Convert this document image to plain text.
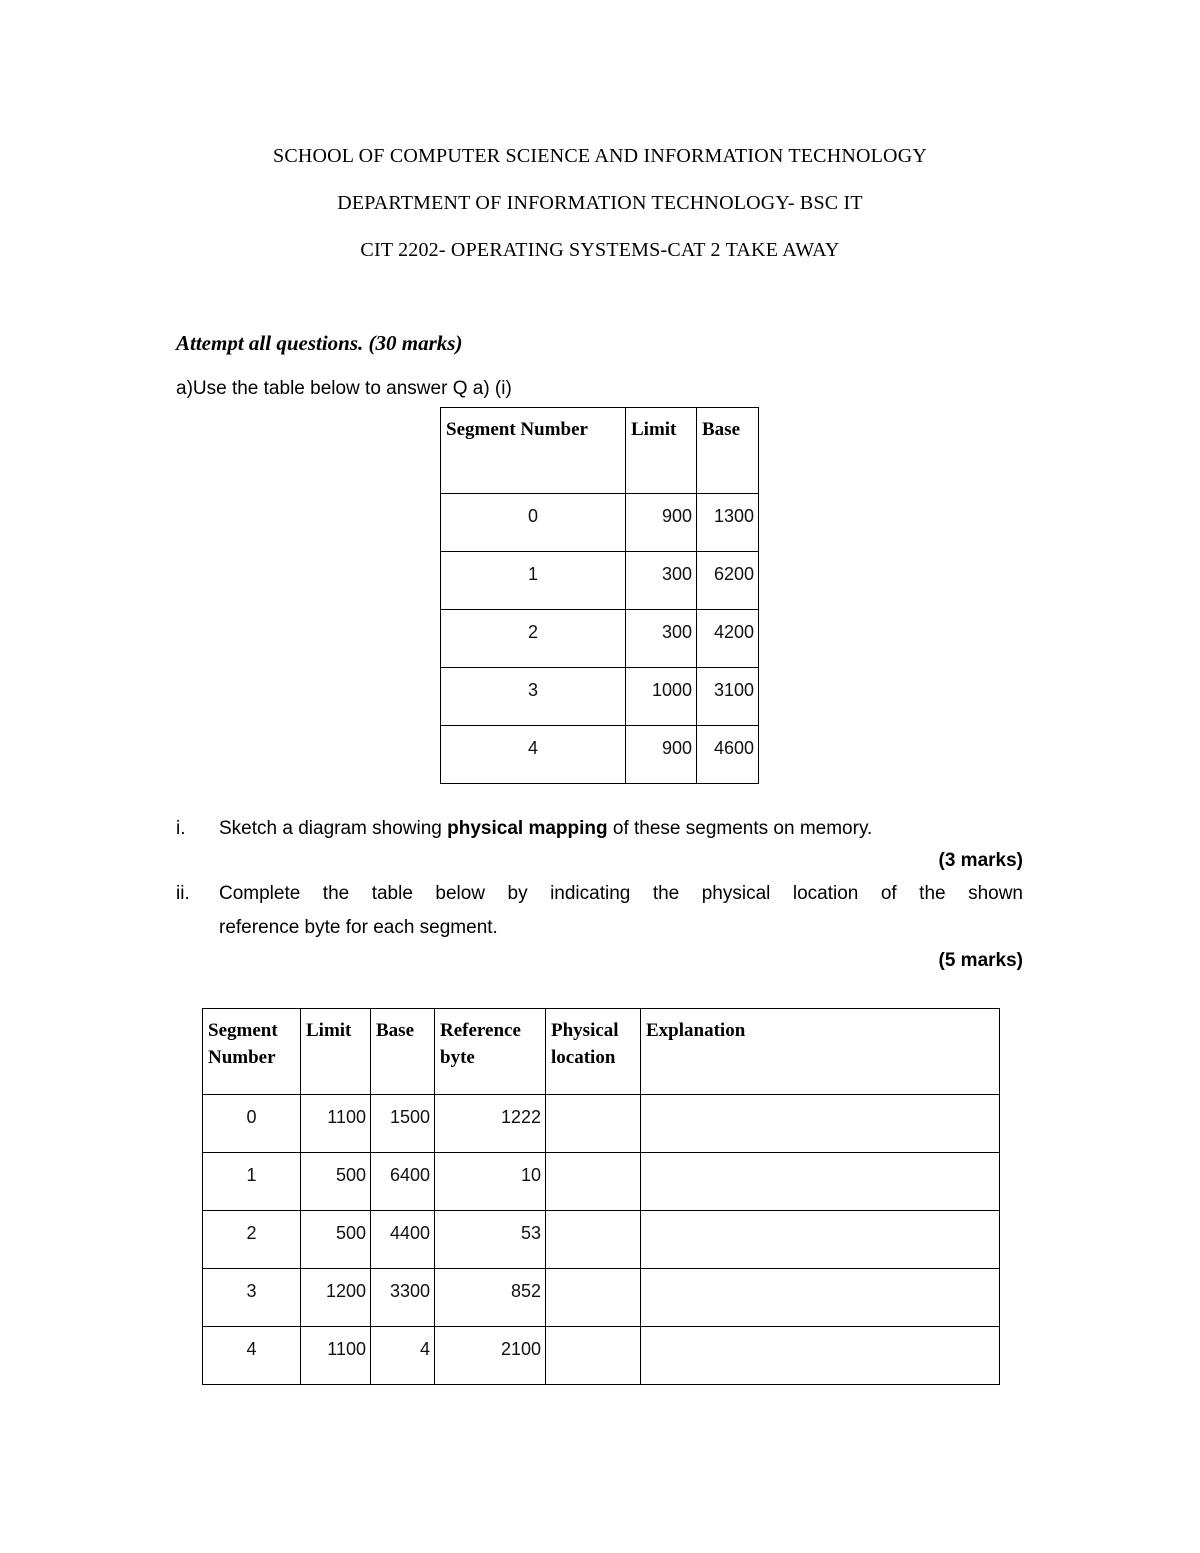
SCHOOL OF COMPUTER SCIENCE AND INFORMATION TECHNOLOGY
DEPARTMENT OF INFORMATION TECHNOLOGY- BSC IT
CIT 2202- OPERATING SYSTEMS-CAT 2 TAKE AWAY
Attempt all questions. (30 marks)
a)Use the table below to answer Q a) (i)
Segment Number	Limit	Base
0	900	1300
1	300	6200
2	300	4200
3	1000	3100
4	900	4600
i. Sketch a diagram showing physical mapping of these segments on memory.
(3 marks)
ii. Complete the table below by indicating the physical location of the shown
reference byte for each segment.
(5 marks)
Segment Number	Limit	Base	Reference byte	Physical location	Explanation
0	1100	1500	1222		
1	500	6400	10		
2	500	4400	53		
3	1200	3300	852		
4	1100	4	2100		
